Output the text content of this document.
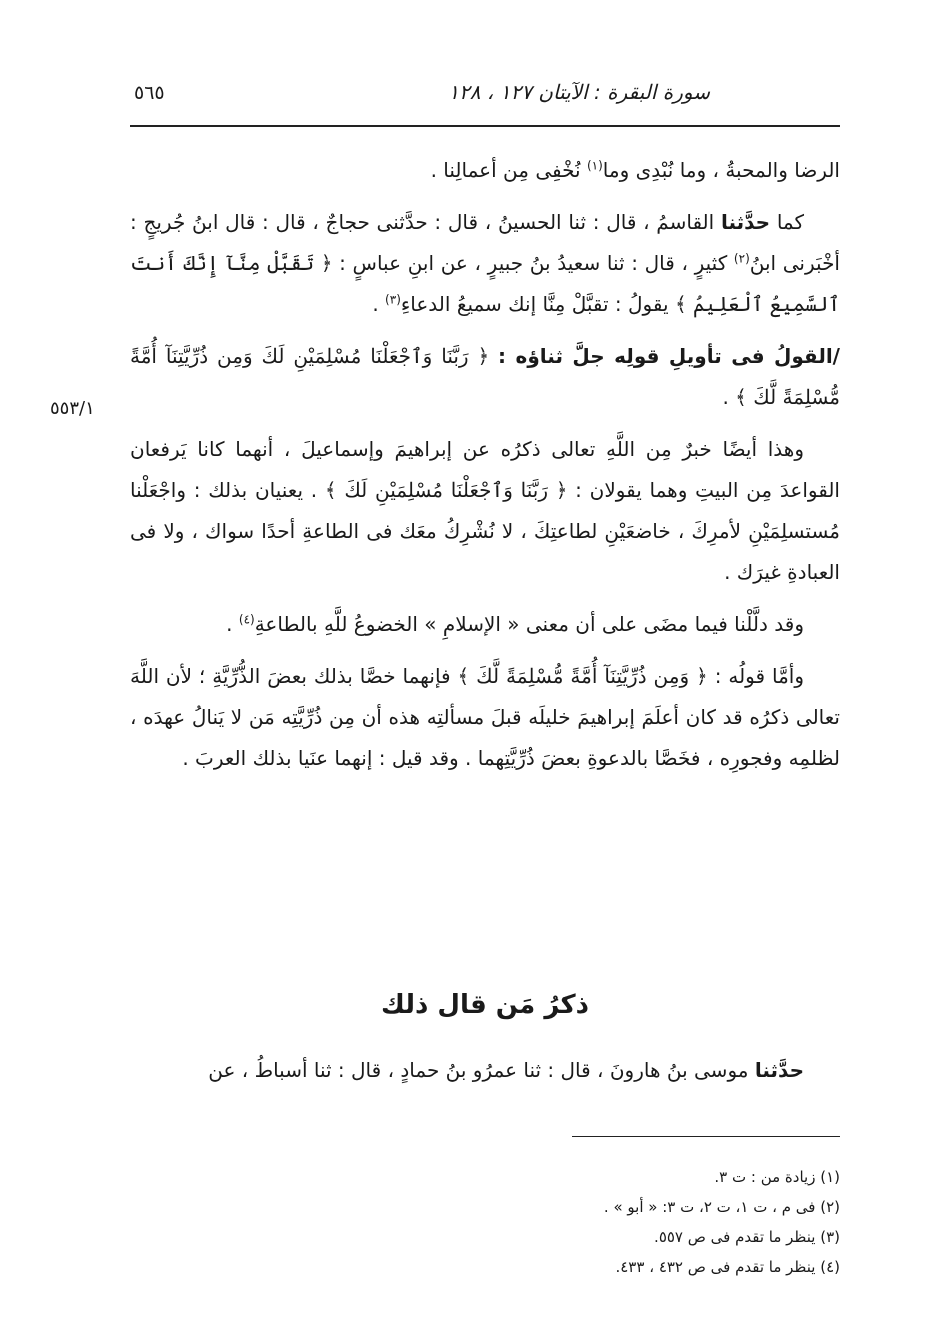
٥٦٥	سورة البقرة : الآيتان ١٢٧ ، ١٢٨
٥٥٣/١

الرضا والمحبةُ ، وما نُبْدِى وما$^{(١)}$ نُخْفِى مِن أعمالِنا .

كما حدَّثنا القاسمُ ، قال : ثنا الحسينُ ، قال : حدَّثنى حجاجٌ ، قال : قال ابنُ جُريجٍ : أخْبَرنى ابنُ$^{(٢)}$ كثيرٍ ، قال : ثنا سعيدُ بنُ جبيرٍ ، عن ابنِ عباسٍ : ﴿ تَقَبَّلْ مِنَّآ إِنَّكَ أَنتَ ٱلسَّمِيعُ ٱلْعَلِيمُ ﴾ يقولُ : تقبَّلْ مِنَّا إنك سميعُ الدعاءِ$^{(٣)}$ .

/القولُ فى تأويلِ قولِه جلَّ ثناؤه : ﴿ رَبَّنَا وَٱجْعَلْنَا مُسْلِمَيْنِ لَكَ وَمِن ذُرِّيَّتِنَآ أُمَّةً مُّسْلِمَةً لَّكَ ﴾ .

وهذا أيضًا خبرٌ مِن اللَّهِ تعالى ذكرُه عن إبراهيمَ وإسماعيلَ ، أنهما كانا يَرفعان القواعدَ مِن البيتِ وهما يقولان : ﴿ رَبَّنَا وَٱجْعَلْنَا مُسْلِمَيْنِ لَكَ ﴾ . يعنيان بذلك : واجْعَلْنا مُستسلِمَيْنِ لأمرِكَ ، خاضعَيْنِ لطاعتِكَ ، لا نُشْرِكُ معَك فى الطاعةِ أحدًا سواك ، ولا فى العبادةِ غيرَك .

وقد دلَّلْنا فيما مضَى على أن معنى « الإسلامِ » الخضوعُ للَّهِ بالطاعةِ$^{(٤)}$ .

وأمَّا قولُه : ﴿ وَمِن ذُرِّيَّتِنَآ أُمَّةً مُّسْلِمَةً لَّكَ ﴾ فإنهما خصَّا بذلك بعضَ الذُّرِّيَّةِ ؛ لأن اللَّهَ تعالى ذكرُه قد كان أعلَمَ إبراهيمَ خليلَه قبلَ مسألتِه هذه أن مِن ذُرِّيَّتِه مَن لا يَنالُ عهدَه ، لظلمِه وفجورِه ، فخَصَّا بالدعوةِ بعضَ ذُرِّيَّتِهما . وقد قيل : إنهما عنَيا بذلك العربَ .

ذكرُ مَن قال ذلك

حدَّثنا موسى بنُ هارونَ ، قال : ثنا عمرُو بنُ حمادٍ ، قال : ثنا أسباطُ ، عن

(١) زيادة من : ت ٣.
(٢) فى م ، ت ١، ت ٢، ت ٣: « أبو » .
(٣) ينظر ما تقدم فى ص ٥٥٧.
(٤) ينظر ما تقدم فى ص ٤٣٢ ، ٤٣٣.
